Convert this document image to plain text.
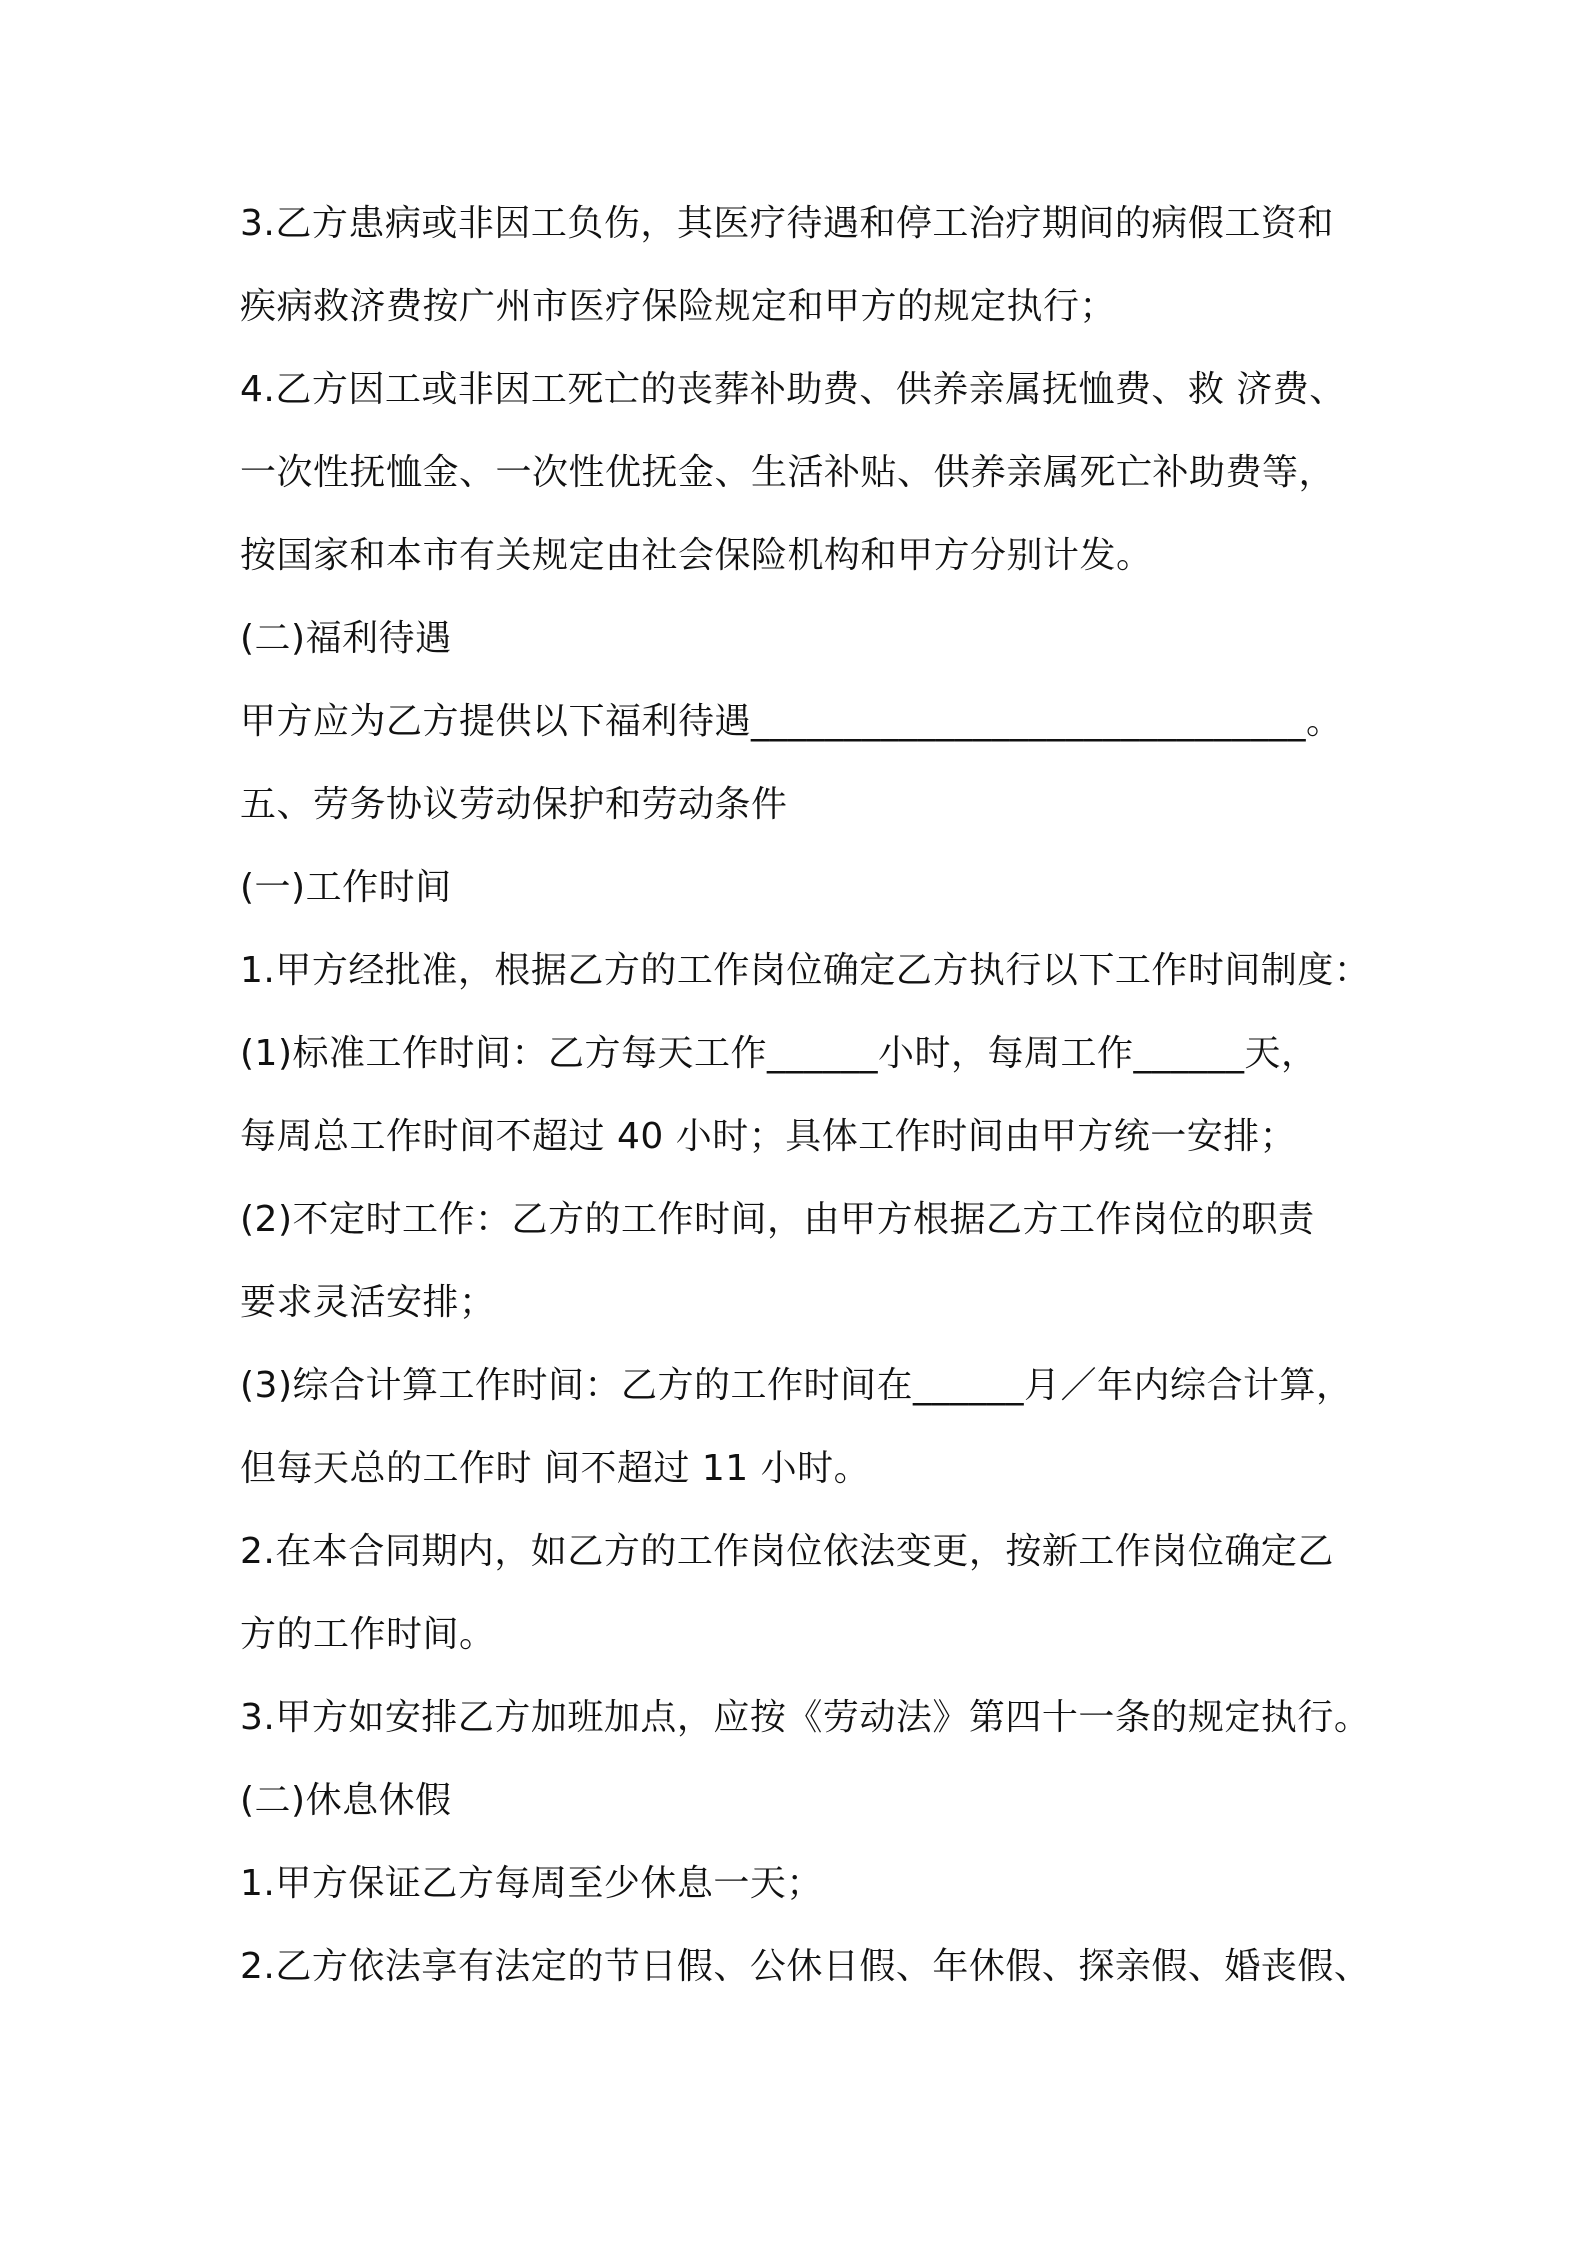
3.乙方患病或非因工负伤，其医疗待遇和停工治疗期间的病假工资和
疾病救济费按广州市医疗保险规定和甲方的规定执行；
4.乙方因工或非因工死亡的丧葬补助费、供养亲属抚恤费、救 济费、
一次性抚恤金、一次性优抚金、生活补贴、供养亲属死亡补助费等，
按国家和本市有关规定由社会保险机构和甲方分别计发。
(二)福利待遇
甲方应为乙方提供以下福利待遇______________________________。
五、劳务协议劳动保护和劳动条件
(一)工作时间
1.甲方经批准，根据乙方的工作岗位确定乙方执行以下工作时间制度：
(1)标准工作时间：乙方每天工作______小时，每周工作______天，
每周总工作时间不超过 40 小时；具体工作时间由甲方统一安排；
(2)不定时工作：乙方的工作时间，由甲方根据乙方工作岗位的职责
要求灵活安排；
(3)综合计算工作时间：乙方的工作时间在______月／年内综合计算，
但每天总的工作时 间不超过 11 小时。
2.在本合同期内，如乙方的工作岗位依法变更，按新工作岗位确定乙
方的工作时间。
3.甲方如安排乙方加班加点，应按《劳动法》第四十一条的规定执行。
(二)休息休假
1.甲方保证乙方每周至少休息一天；
2.乙方依法享有法定的节日假、公休日假、年休假、探亲假、婚丧假、
